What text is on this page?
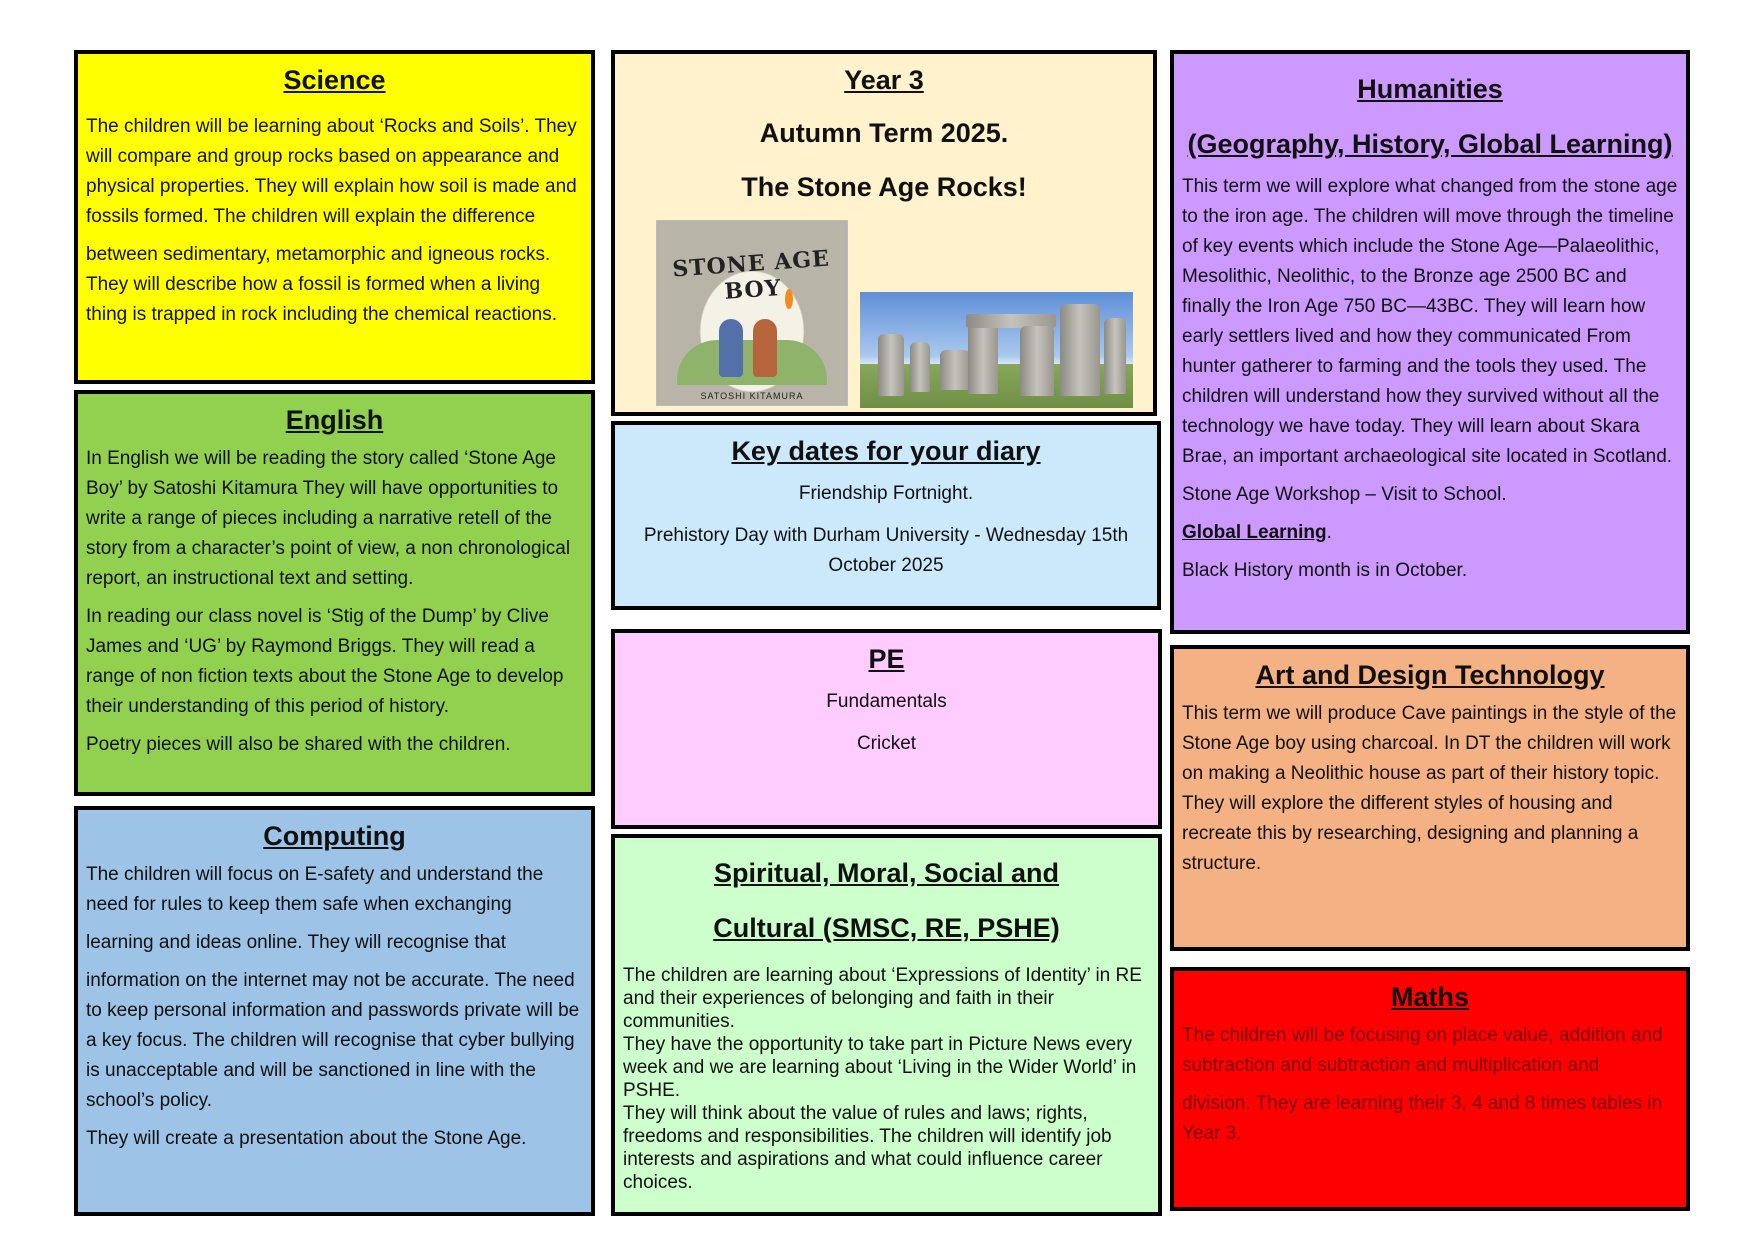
Science

The children will be learning about ‘Rocks and Soils’. They will compare and group rocks based on appearance and physical properties. They will explain how soil is made and fossils formed. The children will explain the difference

between sedimentary, metamorphic and igneous rocks. They will describe how a fossil is formed when a living thing is trapped in rock including the chemical reactions.

Year 3
Autumn Term 2025.
The Stone Age Rocks!
STONE AGE BOY
SATOSHI KITAMURA
Key dates for your diary

Friendship Fortnight.

Prehistory Day with Durham University - Wednesday 15th October 2025

PE

Fundamentals

Cricket

Spiritual, Moral, Social and
Cultural (SMSC, RE, PSHE)

The children are learning about ‘Expressions of Identity’ in RE and their experiences of belonging and faith in their communities.

They have the opportunity to take part in Picture News every week and we are learning about ‘Living in the Wider World’ in PSHE.

They will think about the value of rules and laws; rights, freedoms and responsibilities. The children will identify job interests and aspirations and what could influence career choices.

English

In English we will be reading the story called ‘Stone Age Boy’ by Satoshi Kitamura They will have opportunities to write a range of pieces including a narrative retell of the story from a character’s point of view, a non chronological report, an instructional text and setting.

In reading our class novel is ‘Stig of the Dump’ by Clive James and ‘UG’ by Raymond Briggs. They will read a range of non fiction texts about the Stone Age to develop their understanding of this period of history.

Poetry pieces will also be shared with the children.

Computing

The children will focus on E-safety and understand the need for rules to keep them safe when exchanging

learning and ideas online. They will recognise that

information on the internet may not be accurate. The need to keep personal information and passwords private will be a key focus. The children will recognise that cyber bullying is unacceptable and will be sanctioned in line with the school’s policy.

They will create a presentation about the Stone Age.

Humanities
(Geography, History, Global Learning)

This term we will explore what changed from the stone age to the iron age. The children will move through the timeline of key events which include the Stone Age—Palaeolithic, Mesolithic, Neolithic, to the Bronze age 2500 BC and finally the Iron Age 750 BC—43BC. They will learn how early settlers lived and how they communicated From hunter gatherer to farming and the tools they used. The children will understand how they survived without all the technology we have today. They will learn about Skara Brae, an important archaeological site located in Scotland.

Stone Age Workshop – Visit to School.

Global Learning.

Black History month is in October.

Art and Design Technology

This term we will produce Cave paintings in the style of the Stone Age boy using charcoal. In DT the children will work on making a Neolithic house as part of their history topic. They will explore the different styles of housing and recreate this by researching, designing and planning a structure.

Maths

The children will be focusing on place value, addition and subtraction and subtraction and multiplication and

division. They are learning their 3, 4 and 8 times tables in Year 3.
